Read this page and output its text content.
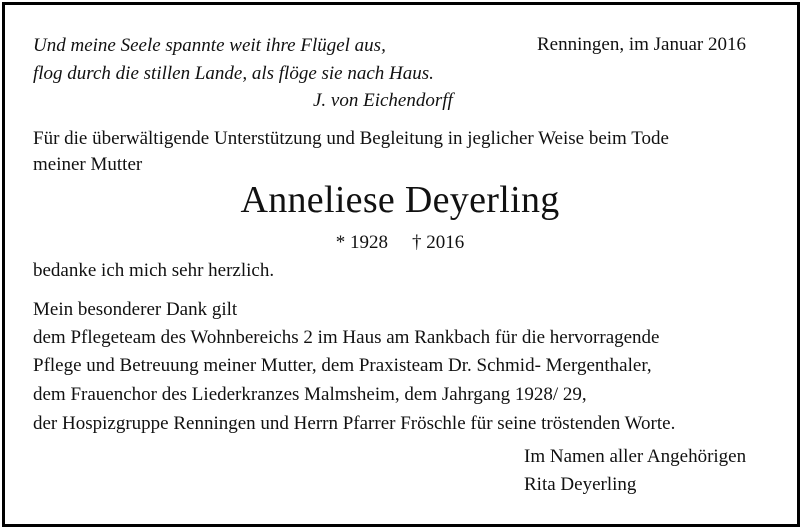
Und meine Seele spannte weit ihre Flügel aus,
flog durch die stillen Lande, als flöge sie nach Haus.
J. von Eichendorff
Renningen, im Januar 2016
Für die überwältigende Unterstützung und Begleitung in jeglicher Weise beim Tode
meiner Mutter
Anneliese Deyerling
* 1928 † 2016
bedanke ich mich sehr herzlich.
Mein besonderer Dank gilt
dem Pflegeteam des Wohnbereichs 2 im Haus am Rankbach für die hervorragende
Pflege und Betreuung meiner Mutter, dem Praxisteam Dr. Schmid- Mergenthaler,
dem Frauenchor des Liederkranzes Malmsheim, dem Jahrgang 1928/ 29,
der Hospizgruppe Renningen und Herrn Pfarrer Fröschle für seine tröstenden Worte.
Im Namen aller Angehörigen
Rita Deyerling
